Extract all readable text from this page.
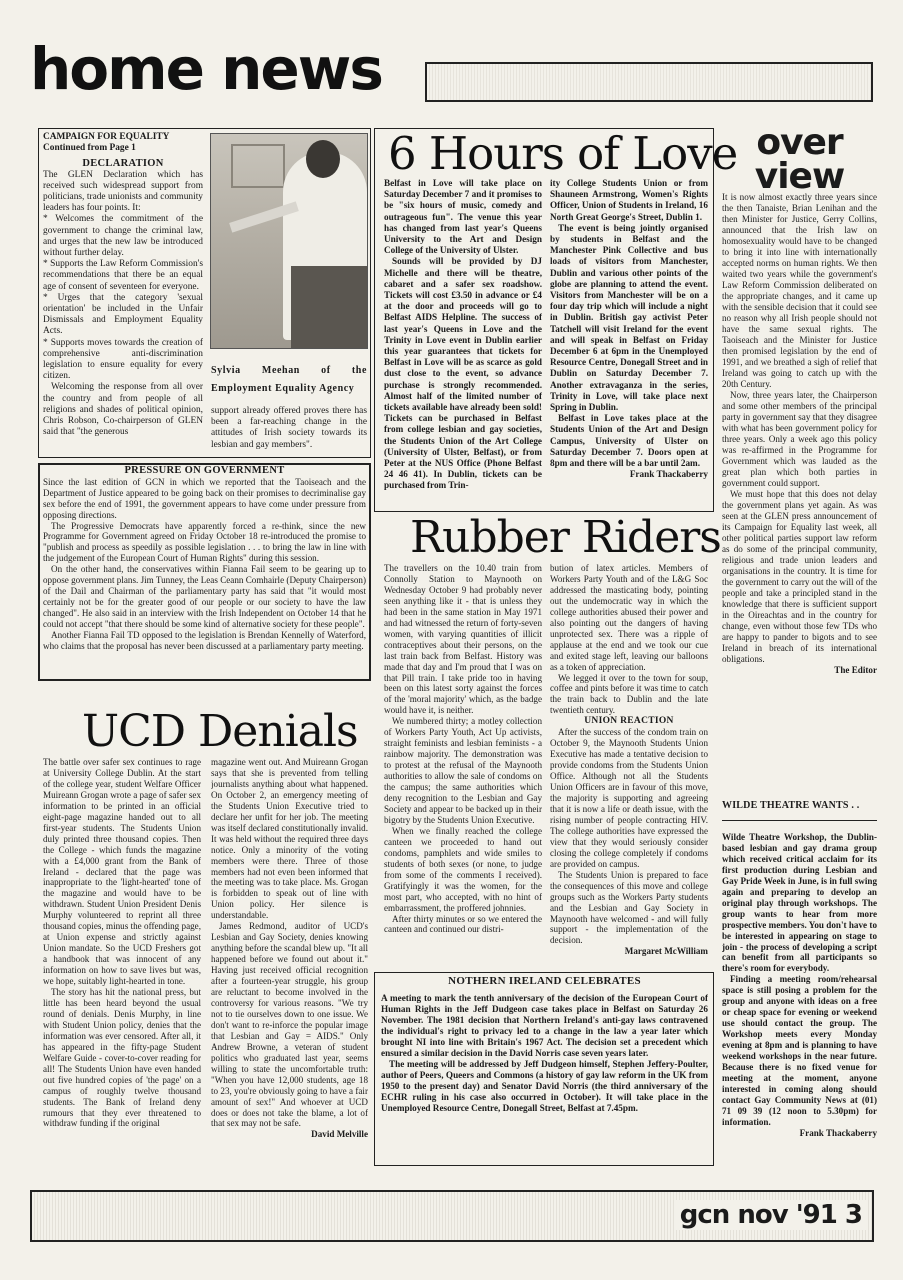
home news
CAMPAIGN FOR EQUALITY
Continued from Page 1
DECLARATION

The GLEN Declaration which has received such widespread support from politicians, trade unionists and community leaders has four points. It:

* Welcomes the commitment of the government to change the criminal law, and urges that the new law be introduced without further delay.

* Supports the Law Reform Commission's recommendations that there be an equal age of consent of seventeen for everyone.

* Urges that the category 'sexual orientation' be included in the Unfair Dismissals and Employment Equality Acts.

* Supports moves towards the creation of comprehensive anti-discrimination legislation to ensure equality for every citizen.

Welcoming the response from all over the country and from people of all religions and shades of political opinion, Chris Robson, Co-chairperson of GLEN said that "the generous

Sylvia Meehan of the Employment Equality Agency

support already offered proves there has been a far-reaching change in the attitudes of Irish society towards its lesbian and gay members".

PRESSURE ON GOVERNMENT

Since the last edition of GCN in which we reported that the Taoiseach and the Department of Justice appeared to be going back on their promises to decriminalise gay sex before the end of 1991, the government appears to have come under pressure from opposing directions.

The Progressive Democrats have apparently forced a re-think, since the new Programme for Government agreed on Friday October 18 re-introduced the promise to "publish and process as speedily as possible legislation . . . to bring the law in line with the judgement of the European Court of Human Rights" during this session.

On the other hand, the conservatives within Fianna Fail seem to be gearing up to oppose government plans. Jim Tunney, the Leas Ceann Comhairle (Deputy Chairperson) of the Dail and Chairman of the parliamentary party has said that "it would most certainly not be for the greater good of our people or our society to have the law changed". He also said in an interview with the Irish Independent on October 14 that he could not accept "that there should be some kind of alternative society for these people".

Another Fianna Fail TD opposed to the legislation is Brendan Kennelly of Waterford, who claims that the proposal has never been discussed at a parliamentary party meeting.

6 Hours of Love

Belfast in Love will take place on Saturday December 7 and it promises to be "six hours of music, comedy and outrageous fun". The venue this year has changed from last year's Queens University to the Art and Design College of the University of Ulster.

Sounds will be provided by DJ Michelle and there will be theatre, cabaret and a safer sex roadshow. Tickets will cost £3.50 in advance or £4 at the door and proceeds will go to Belfast AIDS Helpline. The success of last year's Queens in Love and the Trinity in Love event in Dublin earlier this year guarantees that tickets for Belfast in Love will be as scarce as gold dust close to the event, so advance purchase is strongly recommended. Almost half of the limited number of tickets available have already been sold! Tickets can be purchased in Belfast from college lesbian and gay societies, the Students Union of the Art College (University of Ulster, Belfast), or from Peter at the NUS Office (Phone Belfast 24 46 41). In Dublin, tickets can be purchased from Trin-

ity College Students Union or from Shauneen Armstrong, Women's Rights Officer, Union of Students in Ireland, 16 North Great George's Street, Dublin 1.

The event is being jointly organised by students in Belfast and the Manchester Pink Collective and bus loads of visitors from Manchester, Dublin and various other points of the globe are planning to attend the event. Visitors from Manchester will be on a four day trip which will include a night in Dublin. British gay activist Peter Tatchell will visit Ireland for the event and will speak in Belfast on Friday December 6 at 6pm in the Unemployed Resource Centre, Donegall Street and in Dublin on Saturday December 7. Another extravaganza in the series, Trinity in Love, will take place next Spring in Dublin.

Belfast in Love takes place at the Students Union of the Art and Design Campus, University of Ulster on Saturday December 7. Doors open at 8pm and there will be a bar until 2am.

Frank Thackaberry
over view

It is now almost exactly three years since the then Tanaiste, Brian Lenihan and the then Minister for Justice, Gerry Collins, announced that the Irish law on homosexuality would have to be changed to bring it into line with internationally accepted norms on human rights. We then waited two years while the government's Law Reform Commission deliberated on the appropriate changes, and it came up with the sensible decision that it could see no reason why all Irish people should not have the same sexual rights. The Taoiseach and the Minister for Justice then promised legislation by the end of 1991, and we breathed a sigh of relief that Ireland was going to catch up with the 20th Century.

Now, three years later, the Chairperson and some other members of the principal party in government say that they disagree with what has been government policy for three years. Only a week ago this policy was re-affirmed in the Programme for Government which was lauded as the great plan which both parties in government could support.

We must hope that this does not delay the government plans yet again. As was seen at the GLEN press announcement of its Campaign for Equality last week, all other political parties support law reform as do some of the principal community, religious and trade union leaders and organisations in the country. It is time for the government to carry out the will of the people and take a principled stand in the knowledge that there is sufficient support in the Oireachtas and in the country for change, even without those few TDs who are happy to pander to bigots and to see Ireland in breach of its international obligations.

The Editor
Rubber Riders

The travellers on the 10.40 train from Connolly Station to Maynooth on Wednesday October 9 had probably never seen anything like it - that is unless they had been in the same station in May 1971 and had witnessed the return of forty-seven women, with varying quantities of illicit contraceptives about their persons, on the last train back from Belfast. History was made that day and I'm proud that I was on that Pill train. I take pride too in having been on this latest sorty against the forces of the 'moral majority' which, as the badge would have it, is neither.

We numbered thirty; a motley collection of Workers Party Youth, Act Up activists, straight feminists and lesbian feminists - a rainbow majority. The demonstration was to protest at the refusal of the Maynooth authorities to allow the sale of condoms on the campus; the same authorities which deny recognition to the Lesbian and Gay Society and appear to be backed up in their bigotry by the Students Union Executive.

When we finally reached the college canteen we proceeded to hand out condoms, pamphlets and wide smiles to students of both sexes (or none, to judge from some of the comments I received). Gratifyingly it was the women, for the most part, who accepted, with no hint of embarrassment, the proffered johnnies.

After thirty minutes or so we entered the canteen and continued our distri-

bution of latex articles. Members of Workers Party Youth and of the L&G Soc addressed the masticating body, pointing out the undemocratic way in which the college authorities abused their power and also pointing out the dangers of having unprotected sex. There was a ripple of applause at the end and we took our cue and exited stage left, leaving our balloons as a token of appreciation.

We legged it over to the town for soup, coffee and pints before it was time to catch the train back to Dublin and the late twentieth century.

UNION REACTION

After the success of the condom train on October 9, the Maynooth Students Union Executive has made a tentative decision to provide condoms from the Students Union Office. Although not all the Students Union Officers are in favour of this move, the majority is supporting and agreeing that it is now a life or death issue, with the rising number of people contracting HIV. The college authorities have expressed the view that they would seriously consider closing the college completely if condoms are provided on campus.

The Students Union is prepared to face the consequences of this move and college groups such as the Workers Party students and the Lesbian and Gay Society in Maynooth have welcomed - and will fully support - the implementation of the decision.

Margaret McWilliam
UCD Denials

The battle over safer sex continues to rage at University College Dublin. At the start of the college year, student Welfare Officer Muireann Grogan wrote a page of safer sex information to be printed in an official eight-page magazine handed out to all first-year students. The Students Union duly printed three thousand copies. Then the College - which funds the magazine with a £4,000 grant from the Bank of Ireland - declared that the page was inappropriate to the 'light-hearted' tone of the magazine and would have to be withdrawn. Student Union President Denis Murphy volunteered to reprint all three thousand copies, minus the offending page, at Union expense and strictly against Union mandate. So the UCD Freshers got a handbook that was innocent of any information on how to save lives but was, we hope, suitably light-hearted in tone.

The story has hit the national press, but little has been heard beyond the usual round of denials. Denis Murphy, in line with Student Union policy, denies that the information was ever censored. After all, it has appeared in the fifty-page Student Welfare Guide - cover-to-cover reading for all! The Students Union have even handed out five hundred copies of 'the page' on a campus of roughly twelve thousand students. The Bank of Ireland deny rumours that they ever threatened to withdraw funding if the original

magazine went out. And Muireann Grogan says that she is prevented from telling journalists anything about what happened. On October 2, an emergency meeting of the Students Union Executive tried to declare her unfit for her job. The meeting was itself declared constitutionally invalid. It was held without the required three days notice. Only a minority of the voting members were there. Three of those members had not even been informed that the meeting was to take place. Ms. Grogan is forbidden to speak out of line with Union policy. Her silence is understandable.

James Redmond, auditor of UCD's Lesbian and Gay Society, denies knowing anything before the scandal blew up. "It all happened before we found out about it." Having just received official recognition after a fourteen-year struggle, his group are reluctant to become involved in the controversy for various reasons. "We try not to tie ourselves down to one issue. We don't want to re-inforce the popular image that Lesbian and Gay = AIDS." Only Andrew Browne, a veteran of student politics who graduated last year, seems willing to state the uncomfortable truth: "When you have 12,000 students, age 18 to 23, you're obviously going to have a fair amount of sex!" And whoever at UCD does or does not take the blame, a lot of that sex may not be safe.

David Melville
WILDE THEATRE WANTS . .

Wilde Theatre Workshop, the Dublin-based lesbian and gay drama group which received critical acclaim for its first production during Lesbian and Gay Pride Week in June, is in full swing again and preparing to develop an original play through workshops. The group wants to hear from more prospective members. You don't have to be interested in appearing on stage to join - the process of developing a script can benefit from all participants so there's room for everybody.

Finding a meeting room/rehearsal space is still posing a problem for the group and anyone with ideas on a free or cheap space for evening or weekend use should contact the group. The Workshop meets every Monday evening at 8pm and is planning to have weekend workshops in the near future. Because there is no fixed venue for meeting at the moment, anyone interested in coming along should contact Gay Community News at (01) 71 09 39 (12 noon to 5.30pm) for information.

Frank Thackaberry
NOTHERN IRELAND CELEBRATES

A meeting to mark the tenth anniversary of the decision of the European Court of Human Rights in the Jeff Dudgeon case takes place in Belfast on Saturday 26 November. The 1981 decision that Northern Ireland's anti-gay laws contravened the individual's right to privacy led to a change in the law a year later which brought NI into line with Britain's 1967 Act. The decision set a precedent which ensured a similar decision in the David Norris case seven years later.

The meeting will be addressed by Jeff Dudgeon himself, Stephen Jeffery-Poulter, author of Peers, Queers and Commons (a history of gay law reform in the UK from 1950 to the present day) and Senator David Norris (the third anniversary of the ECHR ruling in his case also occurred in October). It will take place in the Unemployed Resource Centre, Donegall Street, Belfast at 7.45pm.

gcn nov '91 3
